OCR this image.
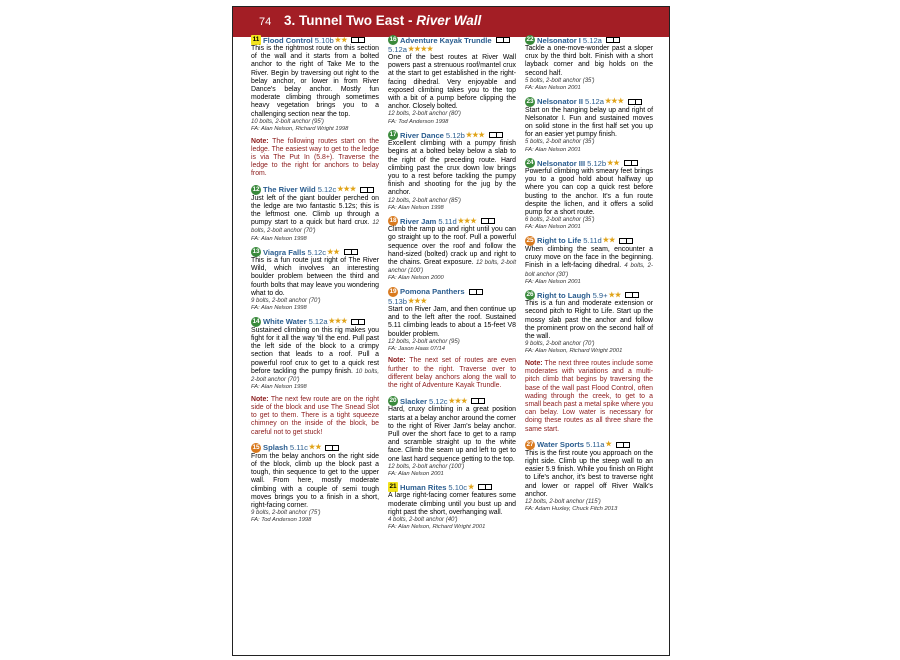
74 3. Tunnel Two East - River Wall
11 Flood Control 5.10b ★★
This is the rightmost route on this section of the wall and it starts from a bolted anchor to the right of Take Me to the River. Begin by traversing out right to the belay anchor, or lower in from River Dance's belay anchor. Mostly fun moderate climbing through sometimes heavy vegetation brings you to a challenging section near the top.
10 bolts, 2-bolt anchor (95')
FA: Alan Nelson, Richard Wright 1998
Note: The following routes start on the ledge. The easiest way to get to the ledge is via The Put In (5.8+). Traverse the ledge to the right for anchors to belay from.
12 The River Wild 5.12c ★★★
Just left of the giant boulder perched on the ledge are two fantastic 5.12s; this is the leftmost one. Climb up through a pumpy start to a quick but hard crux. 12 bolts, 2-bolt anchor (70')
FA: Alan Nelson 1998
13 Viagra Falls 5.12c ★★
This is a fun route just right of The River Wild, which involves an interesting boulder problem between the third and fourth bolts that may leave you wondering what to do.
9 bolts, 2-bolt anchor (70')
FA: Alan Nelson 1998
14 White Water 5.12a ★★★
Sustained climbing on this rig makes you fight for it all the way 'til the end. Pull past the left side of the block to a crimpy section that leads to a roof. Pull a powerful roof crux to get to a quick rest before tackling the pumpy finish. 10 bolts, 2-bolt anchor (70')
FA: Alan Nelson 1998
Note: The next few route are on the right side of the block and use The Snead Slot to get to them. There is a tight squeeze chimney on the inside of the block, be careful not to get stuck!
15 Splash 5.11c ★★
From the belay anchors on the right side of the block, climb up the block past a tough, thin sequence to get to the upper wall. From here, mostly moderate climbing with a couple of semi tough moves brings you to a finish in a short, right-facing corner.
9 bolts, 2-bolt anchor (75')
FA: Tod Anderson 1998
16 Adventure Kayak Trundle
5.12a ★★★★
One of the best routes at River Wall powers past a strenuous roof/mantel crux at the start to get established in the right-facing dihedral. Very enjoyable and exposed climbing takes you to the top with a bit of a pump before clipping the anchor. Closely bolted.
12 bolts, 2-bolt anchor (80')
FA: Tod Anderson 1998
17 River Dance 5.12b ★★★
Excellent climbing with a pumpy finish begins at a bolted belay below a slab to the right of the preceding route. Hard climbing past the crux down low brings you to a rest before tackling the pumpy finish and shooting for the jug by the anchor.
12 bolts, 2-bolt anchor (85')
FA: Alan Nelson 1998
18 River Jam 5.11d ★★★
Climb the ramp up and right until you can go straight up to the roof. Pull a powerful sequence over the roof and follow the hand-sized (bolted) crack up and right to the chains. Great exposure. 12 bolts, 2-bolt anchor (100')
FA: Alan Nelson 2000
19 Pomona Panthers
5.13b ★★★
Start on River Jam, and then continue up and to the left after the roof. Sustained 5.11 climbing leads to about a 15-feet V8 boulder problem.
12 bolts, 2-bolt anchor (95)
FA: Jason Haas 07/14
Note: The next set of routes are even further to the right. Traverse over to different belay anchors along the wall to the right of Adventure Kayak Trundle.
20 Slacker 5.12c ★★★
Hard, cruxy climbing in a great position starts at a belay anchor around the corner to the right of River Jam's belay anchor. Pull over the short face to get to a ramp and scramble straight up to the white face. Climb the seam up and left to get to one last hard sequence getting to the top.
12 bolts, 2-bolt anchor (100')
FA: Alan Nelson 2001
21 Human Rites 5.10c ★
A large right-facing corner features some moderate climbing until you bust up and right past the short, overhanging wall.
4 bolts, 2-bolt anchor (40')
FA: Alan Nelson, Richard Wright 2001
22 Nelsonator I 5.12a
Tackle a one-move-wonder past a sloper crux by the third bolt. Finish with a short layback corner and big holds on the second half.
5 bolts, 2-bolt anchor (35')
FA: Alan Nelson 2001
23 Nelsonator II 5.12a ★★★
Start on the hanging belay up and right of Nelsonator I. Fun and sustained moves on solid stone in the first half set you up for an easier yet pumpy finish.
5 bolts, 2-bolt anchor (35')
FA: Alan Nelson 2001
24 Nelsonator III 5.12b ★★
Powerful climbing with smeary feet brings you to a good hold about halfway up where you can cop a quick rest before busting to the anchor. It's a fun route despite the lichen, and it offers a solid pump for a short route.
6 bolts, 2-bolt anchor (35')
FA: Alan Nelson 2001
25 Right to Life 5.11d ★★
When climbing the seam, encounter a cruxy move on the face in the beginning. Finish in a left-facing dihedral. 4 bolts, 2-bolt anchor (30')
FA: Alan Nelson 2001
26 Right to Laugh 5.9+ ★★
This is a fun and moderate extension or second pitch to Right to Life. Start up the mossy slab past the anchor and follow the prominent prow on the second half of the wall.
9 bolts, 2-bolt anchor (70')
FA: Alan Nelson, Richard Wright 2001
Note: The next three routes include some moderates with variations and a multi-pitch climb that begins by traversing the base of the wall past Flood Control, often wading through the creek, to get to a small beach past a metal spike where you can belay. Low water is necessary for doing these routes as all three share the same start.
27 Water Sports 5.11a ★
This is the first route you approach on the right side. Climb up the steep wall to an easier 5.9 finish. While you finish on Right to Life's anchor, it's best to traverse right and lower or rappel off River Walk's anchor.
12 bolts, 2-bolt anchor (115')
FA: Adam Huxley, Chuck Fitch 2013
